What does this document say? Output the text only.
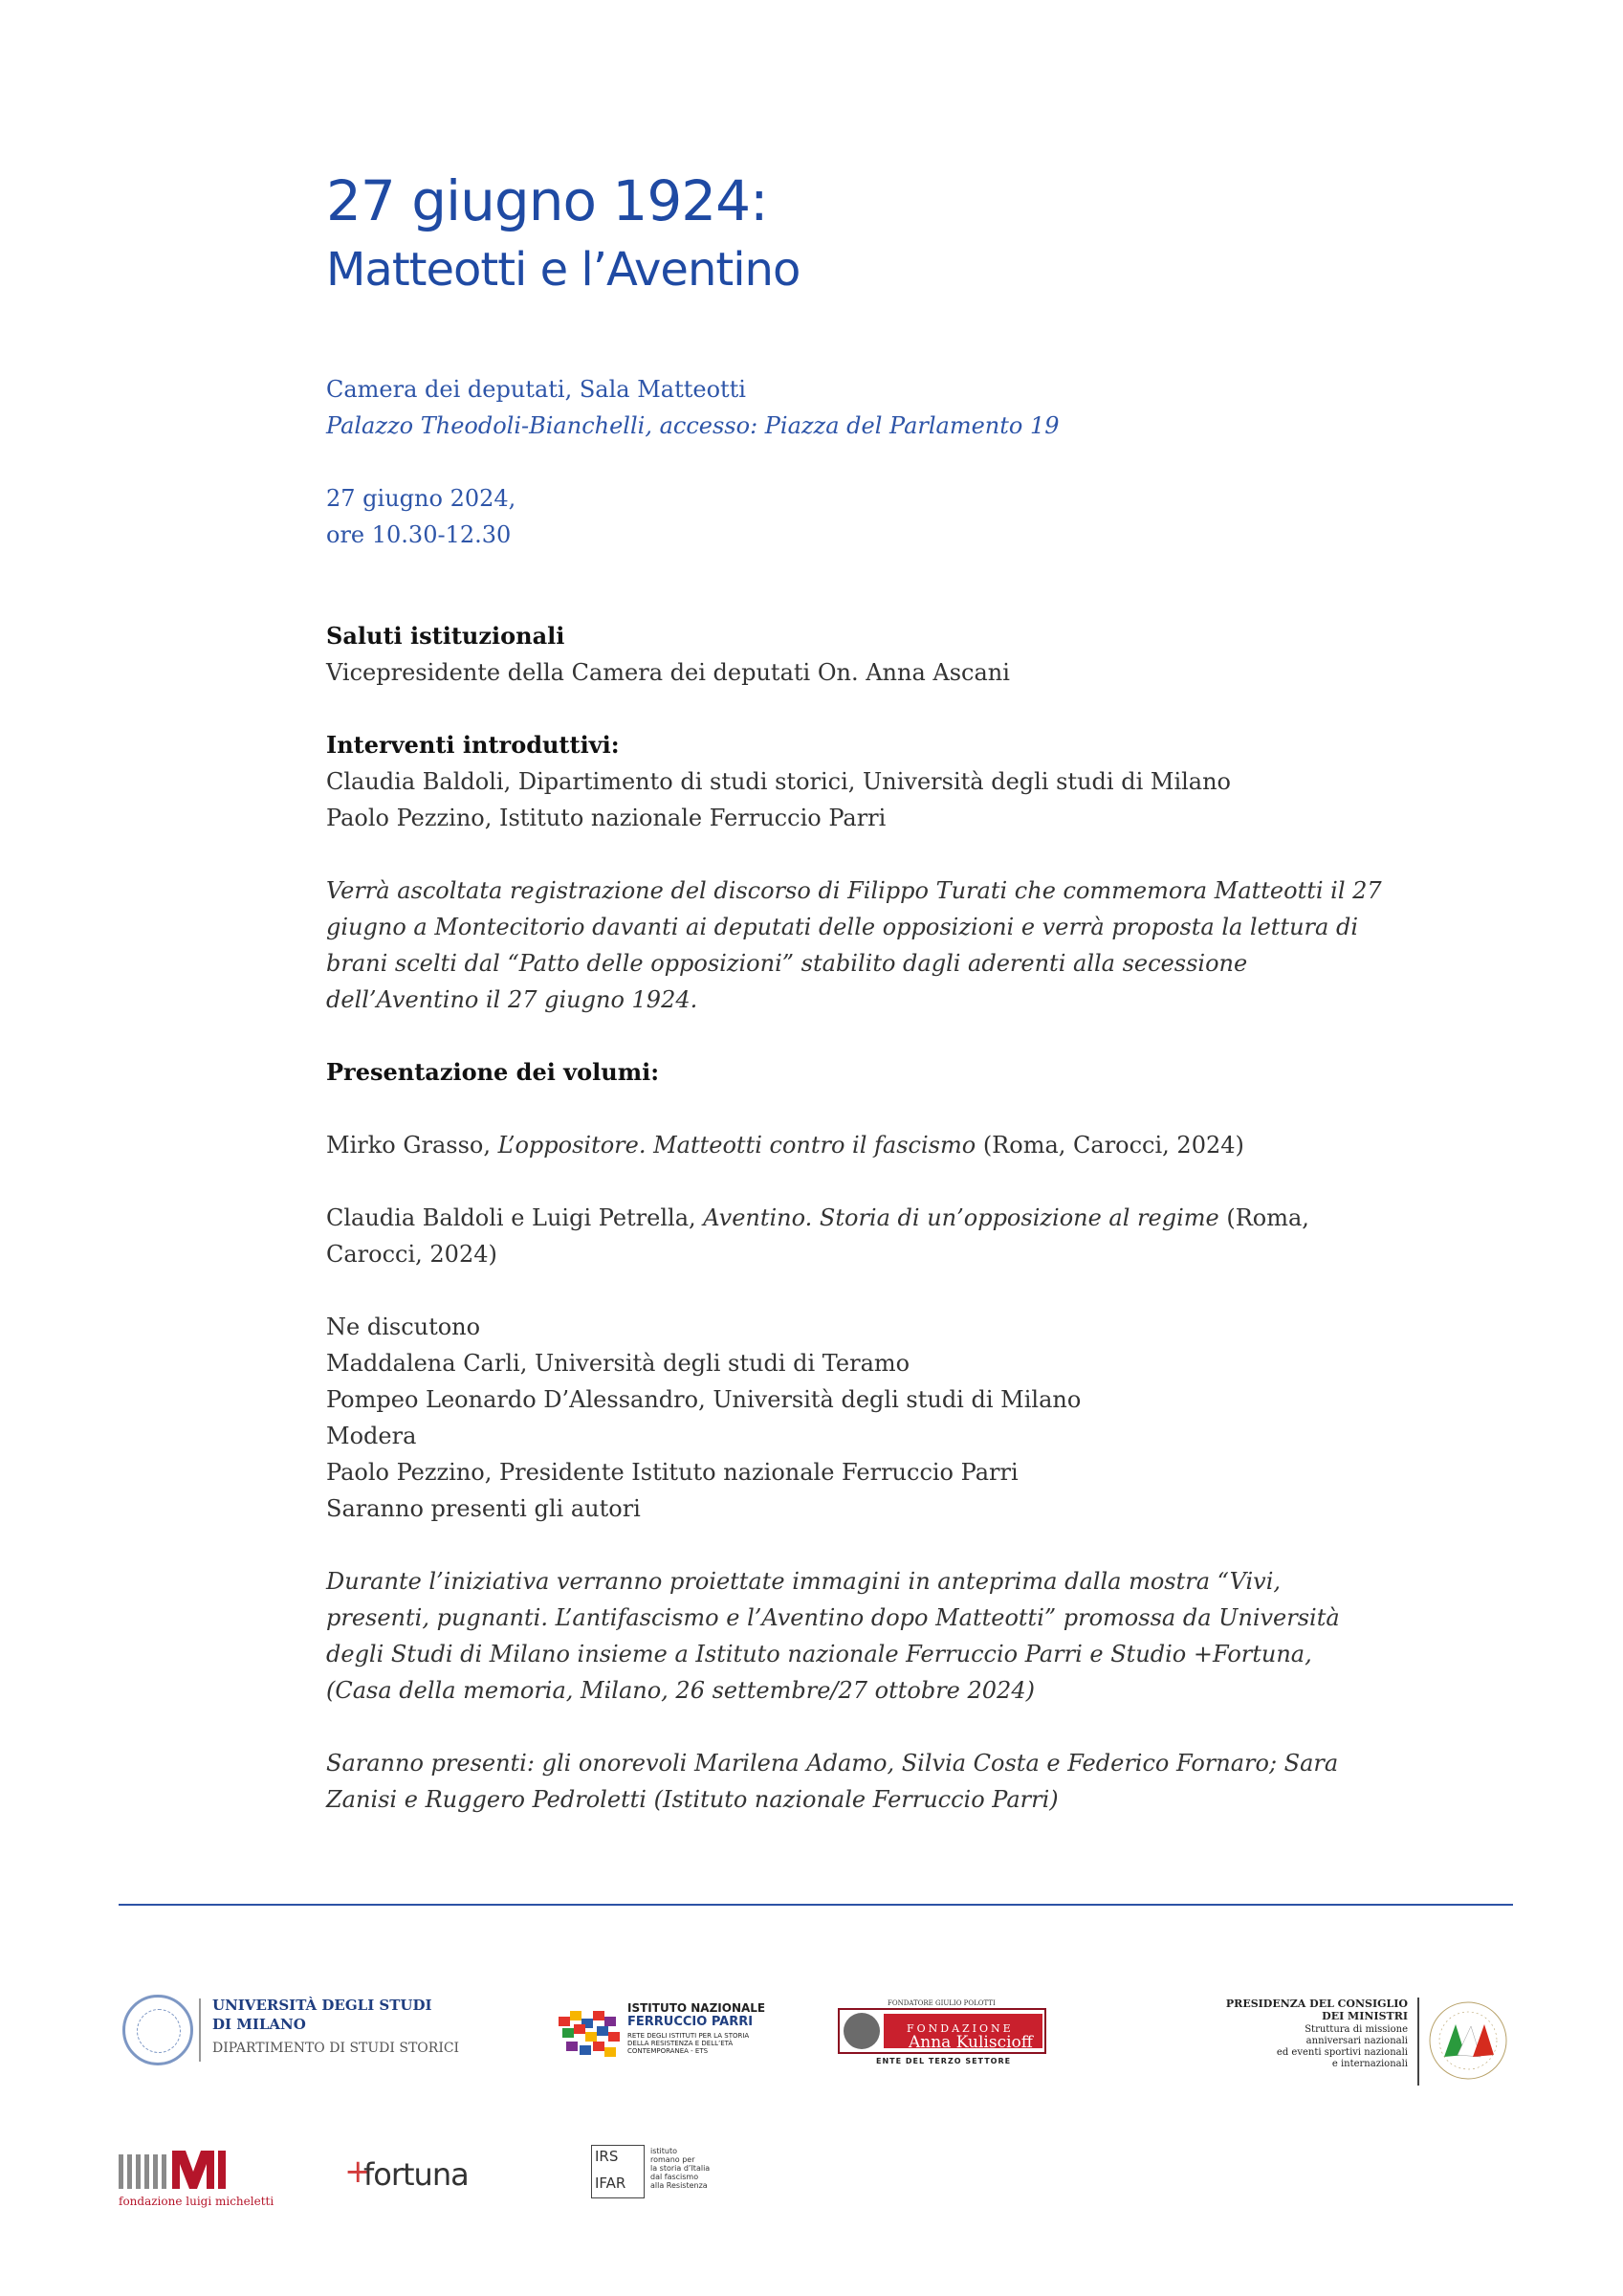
27 giugno 1924:
Matteotti e l’Aventino
Camera dei deputati, Sala Matteotti
Palazzo Theodoli-Bianchelli, accesso: Piazza del Parlamento 19

27 giugno 2024,
ore 10.30-12.30

Saluti istituzionali
Vicepresidente della Camera dei deputati On. Anna Ascani

Interventi introduttivi:
Claudia Baldoli, Dipartimento di studi storici, Università degli studi di Milano
Paolo Pezzino, Istituto nazionale Ferruccio Parri

Verrà ascoltata registrazione del discorso di Filippo Turati che commemora Matteotti il 27
giugno a Montecitorio davanti ai deputati delle opposizioni e verrà proposta la lettura di
brani scelti dal “Patto delle opposizioni” stabilito dagli aderenti alla secessione
dell’Aventino il 27 giugno 1924.

Presentazione dei volumi:

Mirko Grasso, L’oppositore. Matteotti contro il fascismo (Roma, Carocci, 2024)

Claudia Baldoli e Luigi Petrella, Aventino. Storia di un’opposizione al regime (Roma,
Carocci, 2024)

Ne discutono
Maddalena Carli, Università degli studi di Teramo
Pompeo Leonardo D’Alessandro, Università degli studi di Milano
Modera
Paolo Pezzino, Presidente Istituto nazionale Ferruccio Parri
Saranno presenti gli autori

Durante l’iniziativa verranno proiettate immagini in anteprima dalla mostra “Vivi,
presenti, pugnanti. L’antifascismo e l’Aventino dopo Matteotti” promossa da Università
degli Studi di Milano insieme a Istituto nazionale Ferruccio Parri e Studio +Fortuna,
(Casa della memoria, Milano, 26 settembre/27 ottobre 2024)

Saranno presenti: gli onorevoli Marilena Adamo, Silvia Costa e Federico Fornaro; Sara
Zanisi e Ruggero Pedroletti (Istituto nazionale Ferruccio Parri)
UNIVERSITÀ DEGLI STUDI
DI MILANO
DIPARTIMENTO DI STUDI STORICI
ISTITUTO NAZIONALE
FERRUCCIO PARRI
RETE DEGLI ISTITUTI PER LA STORIA
DELLA RESISTENZA E DELL’ETÀ
CONTEMPORANEA - ETS
FONDATORE GIULIO POLOTTI
FONDAZIONE
Anna Kuliscioff
ENTE DEL TERZO SETTORE
PRESIDENZA DEL CONSIGLIO
DEI MINISTRI
Struttura di missione
anniversari nazionali
ed eventi sportivi nazionali
e internazionali
fondazione luigi micheletti
+
fortuna	IRS
IFAR
istituto
romano per
la storia d’Italia
dal fascismo
alla Resistenza
